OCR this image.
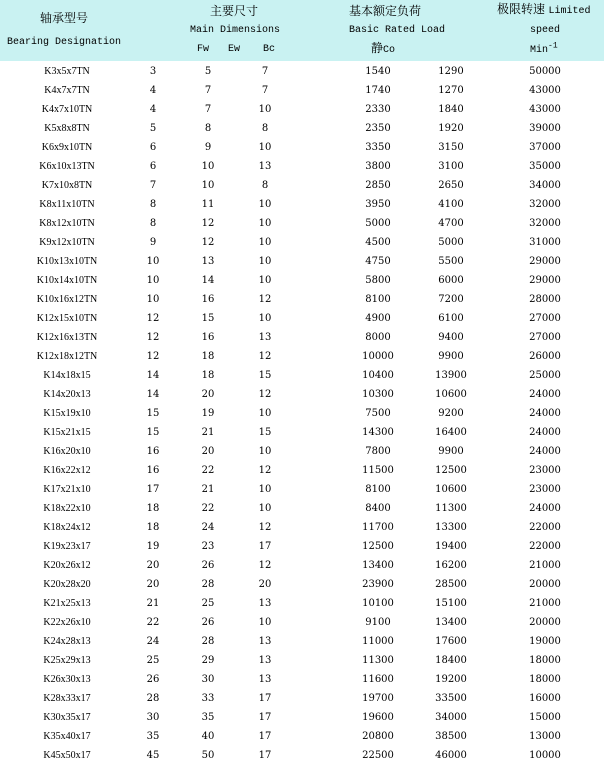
轴承型号
Bearing Designation
主要尺寸
Main Dimensions
Fw Ew Bc
基本额定负荷
Basic Rated Load
静Co
极限转速 Limited
speed
Min$^{-1}$
K3x5x7TN	3	5	7	1540	1290	50000
K4x7x7TN	4	7	7	1740	1270	43000
K4x7x10TN	4	7	10	2330	1840	43000
K5x8x8TN	5	8	8	2350	1920	39000
K6x9x10TN	6	9	10	3350	3150	37000
K6x10x13TN	6	10	13	3800	3100	35000
K7x10x8TN	7	10	8	2850	2650	34000
K8x11x10TN	8	11	10	3950	4100	32000
K8x12x10TN	8	12	10	5000	4700	32000
K9x12x10TN	9	12	10	4500	5000	31000
K10x13x10TN	10	13	10	4750	5500	29000
K10x14x10TN	10	14	10	5800	6000	29000
K10x16x12TN	10	16	12	8100	7200	28000
K12x15x10TN	12	15	10	4900	6100	27000
K12x16x13TN	12	16	13	8000	9400	27000
K12x18x12TN	12	18	12	10000	9900	26000
K14x18x15	14	18	15	10400	13900	25000
K14x20x13	14	20	12	10300	10600	24000
K15x19x10	15	19	10	7500	9200	24000
K15x21x15	15	21	15	14300	16400	24000
K16x20x10	16	20	10	7800	9900	24000
K16x22x12	16	22	12	11500	12500	23000
K17x21x10	17	21	10	8100	10600	23000
K18x22x10	18	22	10	8400	11300	24000
K18x24x12	18	24	12	11700	13300	22000
K19x23x17	19	23	17	12500	19400	22000
K20x26x12	20	26	12	13400	16200	21000
K20x28x20	20	28	20	23900	28500	20000
K21x25x13	21	25	13	10100	15100	21000
K22x26x10	22	26	10	9100	13400	20000
K24x28x13	24	28	13	11000	17600	19000
K25x29x13	25	29	13	11300	18400	18000
K26x30x13	26	30	13	11600	19200	18000
K28x33x17	28	33	17	19700	33500	16000
K30x35x17	30	35	17	19600	34000	15000
K35x40x17	35	40	17	20800	38500	13000
K45x50x17	45	50	17	22500	46000	10000
